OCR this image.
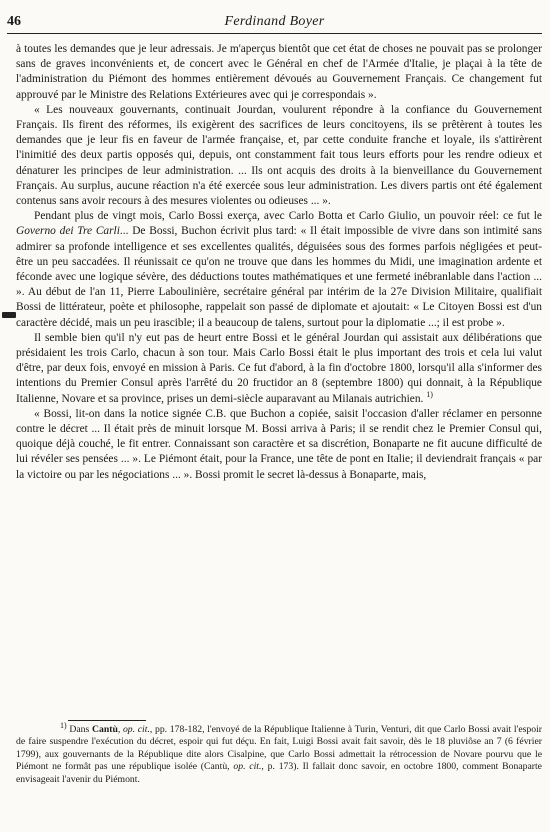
46	Ferdinand Boyer

à toutes les demandes que je leur adressais. Je m'aperçus bientôt que cet état de choses ne pouvait pas se prolonger sans de graves inconvénients et, de concert avec le Général en chef de l'Armée d'Italie, je plaçai à la tête de l'administration du Piémont des hommes entièrement dévoués au Gouvernement Français. Ce changement fut approuvé par le Ministre des Relations Extérieures avec qui je correspondais ».

« Les nouveaux gouvernants, continuait Jourdan, voulurent répondre à la confiance du Gouvernement Français. Ils firent des réformes, ils exigèrent des sacrifices de leurs concitoyens, ils se prêtèrent à toutes les demandes que je leur fis en faveur de l'armée française, et, par cette conduite franche et loyale, ils s'attirèrent l'inimitié des deux partis opposés qui, depuis, ont constamment fait tous leurs efforts pour les rendre odieux et dénaturer les principes de leur administration. ... Ils ont acquis des droits à la bienveillance du Gouvernement Français. Au surplus, aucune réaction n'a été exercée sous leur administration. Les divers partis ont été également contenus sans avoir recours à des mesures violentes ou odieuses ... ».

Pendant plus de vingt mois, Carlo Bossi exerça, avec Carlo Botta et Carlo Giulio, un pouvoir réel: ce fut le Governo dei Tre Carli... De Bossi, Buchon écrivit plus tard: « Il était impossible de vivre dans son intimité sans admirer sa profonde intelligence et ses excellentes qualités, déguisées sous des formes parfois négligées et peut-être un peu saccadées. Il réunissait ce qu'on ne trouve que dans les hommes du Midi, une imagination ardente et féconde avec une logique sévère, des déductions toutes mathématiques et une fermeté inébranlable dans l'action ... ». Au début de l'an 11, Pierre Laboulinière, secrétaire général par intérim de la 27e Division Militaire, qualifiait Bossi de littérateur, poète et philosophe, rappelait son passé de diplomate et ajoutait: « Le Citoyen Bossi est d'un caractère décidé, mais un peu irascible; il a beaucoup de talens, surtout pour la diplomatie ...; il est probe ».

Il semble bien qu'il n'y eut pas de heurt entre Bossi et le général Jourdan qui assistait aux délibérations que présidaient les trois Carlo, chacun à son tour. Mais Carlo Bossi était le plus important des trois et cela lui valut d'être, par deux fois, envoyé en mission à Paris. Ce fut d'abord, à la fin d'octobre 1800, lorsqu'il alla s'informer des intentions du Premier Consul après l'arrêté du 20 fructidor an 8 (septembre 1800) qui donnait, à la République Italienne, Novare et sa province, prises un demi-siècle auparavant au Milanais autrichien. $^{1)}$

« Bossi, lit-on dans la notice signée C.B. que Buchon a copiée, saisit l'occasion d'aller réclamer en personne contre le décret ... Il était près de minuit lorsque M. Bossi arriva à Paris; il se rendit chez le Premier Consul qui, quoique déjà couché, le fit entrer. Connaissant son caractère et sa discrétion, Bonaparte ne fit aucune difficulté de lui révéler ses pensées ... ». Le Piémont était, pour la France, une tête de pont en Italie; il deviendrait français « par la victoire ou par les négociations ... ». Bossi promit le secret là-dessus à Bonaparte, mais,

$^{1)}$ Dans Cantù, op. cit., pp. 178-182, l'envoyé de la République Italienne à Turin, Venturi, dit que Carlo Bossi avait l'espoir de faire suspendre l'exécution du décret, espoir qui fut déçu. En fait, Luigi Bossi avait fait savoir, dès le 18 pluviôse an 7 (6 février 1799), aux gouvernants de la République dite alors Cisalpine, que Carlo Bossi admettait la rétrocession de Novare pourvu que le Piémont ne formât pas une république isolée (Cantù, op. cit., p. 173). Il fallait donc savoir, en octobre 1800, comment Bonaparte envisageait l'avenir du Piémont.
